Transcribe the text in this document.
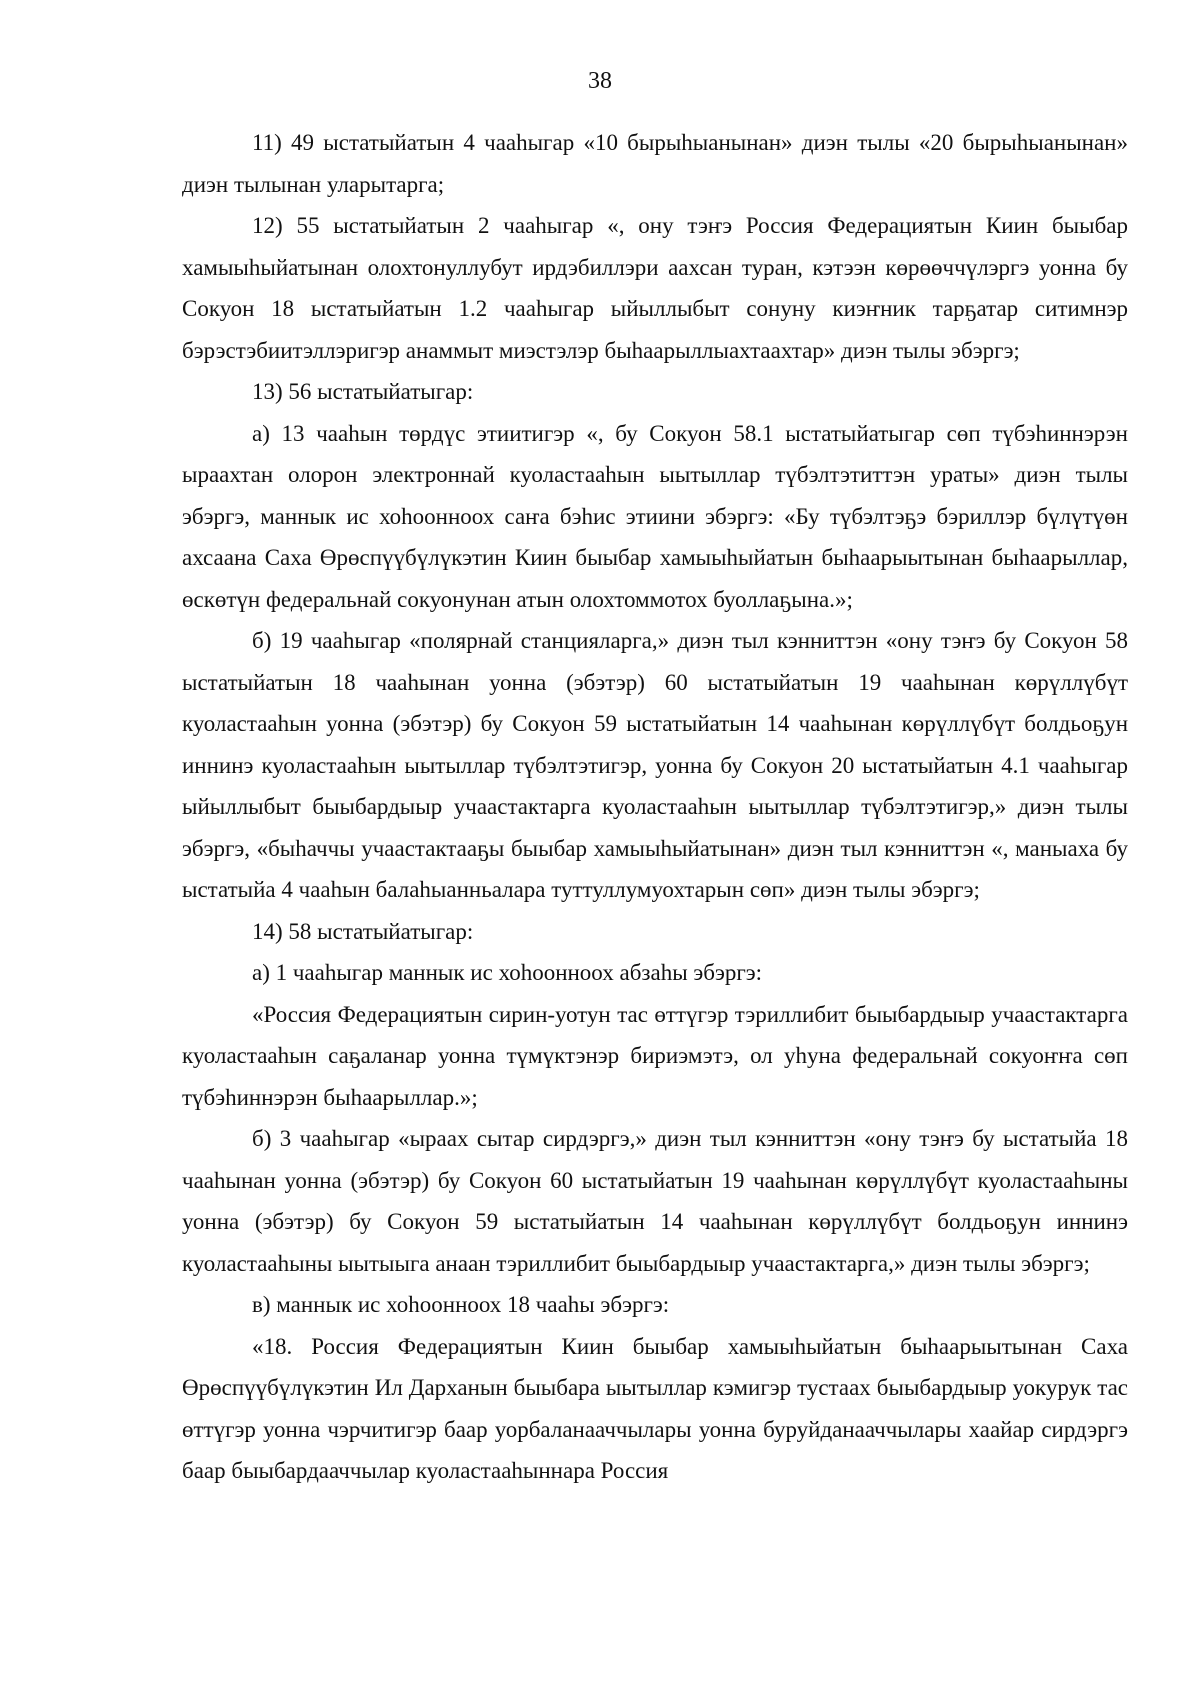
38

11) 49 ыстатыйатын 4 чааһыгар «10 бырыһыанынан» диэн тылы «20 бырыһыанынан» диэн тылынан уларытарга;

12) 55 ыстатыйатын 2 чааһыгар «, ону тэҥэ Россия Федерациятын Киин быыбар хамыыһыйатынан олохтонуллубут ирдэбиллэри аахсан туран, кэтээн көрөөччүлэргэ уонна бу Сокуон 18 ыстатыйатын 1.2 чааһыгар ыйыллыбыт сонуну киэҥник тарҕатар ситимнэр бэрэстэбиитэллэригэр анаммыт миэстэлэр быһаарыллыахтаахтар» диэн тылы эбэргэ;

13) 56 ыстатыйатыгар:

а) 13 чааһын төрдүс этиитигэр «, бу Сокуон 58.1 ыстатыйатыгар сөп түбэһиннэрэн ыраахтан олорон электроннай куоластааһын ыытыллар түбэлтэтиттэн ураты» диэн тылы эбэргэ, маннык ис хоһоонноох саҥа бэһис этиини эбэргэ: «Бу түбэлтэҕэ бэриллэр бүлүтүөн ахсаана Саха Өрөспүүбүлүкэтин Киин быыбар хамыыһыйатын быһаарыытынан быһаарыллар, өскөтүн федеральнай сокуонунан атын олохтоммотох буоллаҕына.»;

б) 19 чааһыгар «полярнай станцияларга,» диэн тыл кэнниттэн «ону тэҥэ бу Сокуон 58 ыстатыйатын 18 чааһынан уонна (эбэтэр) 60 ыстатыйатын 19 чааһынан көрүллүбүт куоластааһын уонна (эбэтэр) бу Сокуон 59 ыстатыйатын 14 чааһынан көрүллүбүт болдьоҕун иннинэ куоластааһын ыытыллар түбэлтэтигэр, уонна бу Сокуон 20 ыстатыйатын 4.1 чааһыгар ыйыллыбыт быыбардыыр учаастактарга куоластааһын ыытыллар түбэлтэтигэр,» диэн тылы эбэргэ, «быһаччы учаастактааҕы быыбар хамыыһыйатынан» диэн тыл кэнниттэн «, маныаха бу ыстатыйа 4 чааһын балаһыанньалара туттуллумуохтарын сөп» диэн тылы эбэргэ;

14) 58 ыстатыйатыгар:

а) 1 чааһыгар маннык ис хоһоонноох абзаһы эбэргэ:

«Россия Федерациятын сирин-уотун тас өттүгэр тэриллибит быыбардыыр учаастактарга куоластааһын саҕаланар уонна түмүктэнэр бириэмэтэ, ол уһуна федеральнай сокуоҥҥа сөп түбэһиннэрэн быһаарыллар.»;

б) 3 чааһыгар «ыраах сытар сирдэргэ,» диэн тыл кэнниттэн «ону тэҥэ бу ыстатыйа 18 чааһынан уонна (эбэтэр) бу Сокуон 60 ыстатыйатын 19 чааһынан көрүллүбүт куоластааһыны уонна (эбэтэр) бу Сокуон 59 ыстатыйатын 14 чааһынан көрүллүбүт болдьоҕун иннинэ куоластааһыны ыытыыга анаан тэриллибит быыбардыыр учаастактарга,» диэн тылы эбэргэ;

в) маннык ис хоһоонноох 18 чааһы эбэргэ:

«18. Россия Федерациятын Киин быыбар хамыыһыйатын быһаарыытынан Саха Өрөспүүбүлүкэтин Ил Дарханын быыбара ыытыллар кэмигэр тустаах быыбардыыр уокурук тас өттүгэр уонна чэрчитигэр баар уорбаланааччылары уонна буруйданааччылары хаайар сирдэргэ баар быыбардааччылар куоластааһыннара Россия
